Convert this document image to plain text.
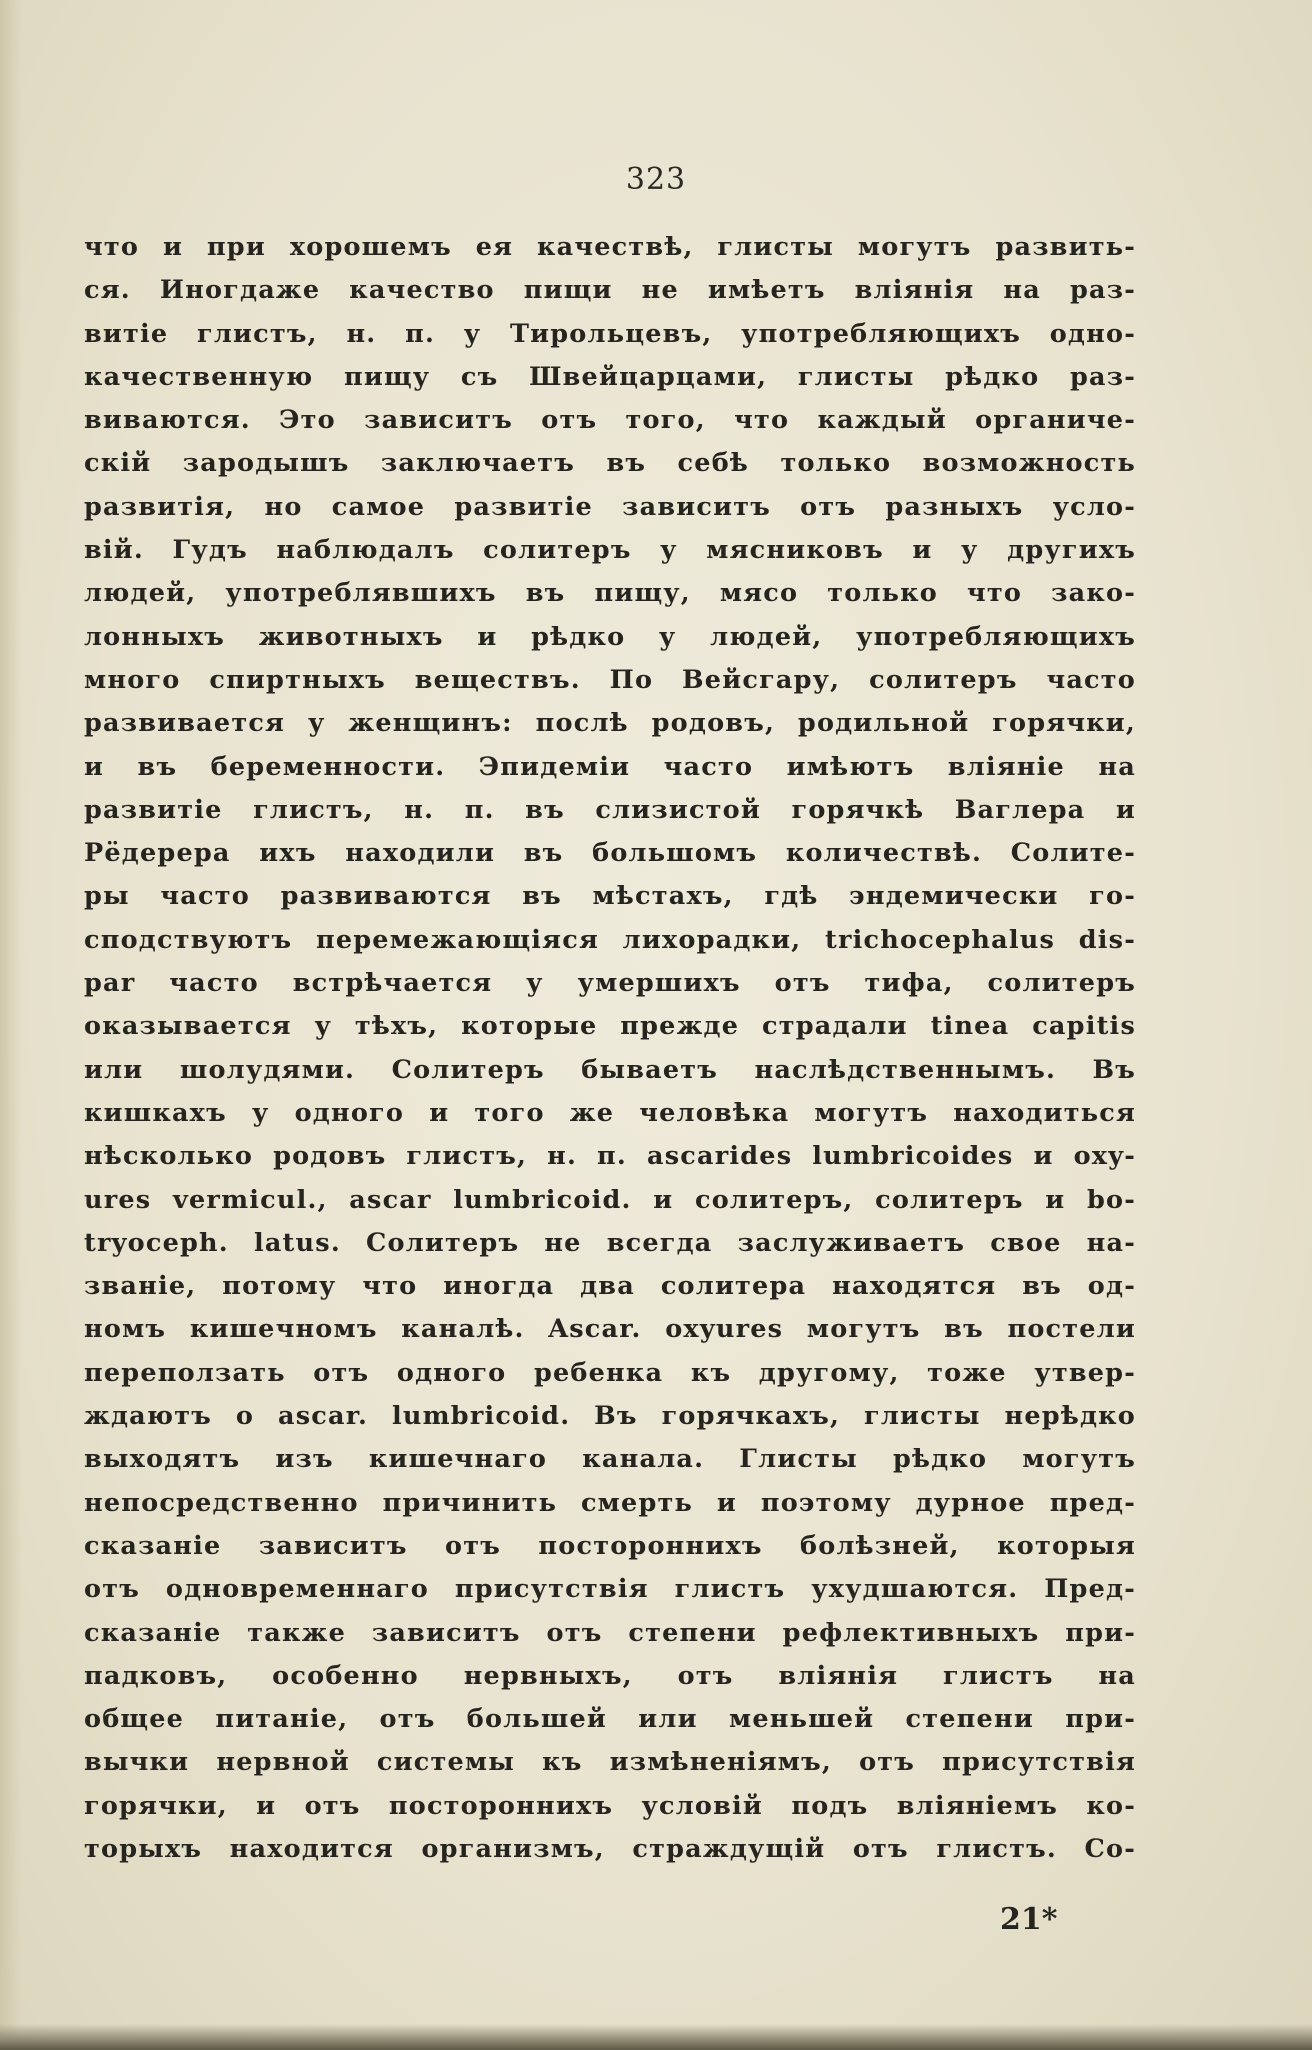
323
что и при хорошемъ ея качествѣ, глисты могутъ развить-
ся. Иногдаже качество пищи не имѣетъ вліянія на раз-
витіе глистъ, н. п. у Тирольцевъ, употребляющихъ одно-
качественную пищу съ Швейцарцами, глисты рѣдко раз-
виваются. Это зависитъ отъ того, что каждый органиче-
скій зародышъ заключаетъ въ себѣ только возможность
развитія, но самое развитіе зависитъ отъ разныхъ усло-
вій. Гудъ наблюдалъ солитеръ у мясниковъ и у другихъ
людей, употреблявшихъ въ пищу, мясо только что зако-
лонныхъ животныхъ и рѣдко у людей, употребляющихъ
много спиртныхъ веществъ. По Вейсгару, солитеръ часто
развивается у женщинъ: послѣ родовъ, родильной горячки,
и въ беременности. Эпидеміи часто имѣютъ вліяніе на
развитіе глистъ, н. п. въ слизистой горячкѣ Ваглера и
Рёдерера ихъ находили въ большомъ количествѣ. Солите-
ры часто развиваются въ мѣстахъ, гдѣ эндемически го-
сподствуютъ перемежающіяся лихорадки, trichocephalus dis-
par часто встрѣчается у умершихъ отъ тифа, солитеръ
оказывается у тѣхъ, которые прежде страдали tinea capitis
или шолудями. Солитеръ бываетъ наслѣдственнымъ. Въ
кишкахъ у одного и того же человѣка могутъ находиться
нѣсколько родовъ глистъ, н. п. ascarides lumbricoides и oxy-
ures vermicul., ascar lumbricoid. и солитеръ, солитеръ и bo-
tryoceph. latus. Солитеръ не всегда заслуживаетъ свое на-
званіе, потому что иногда два солитера находятся въ од-
номъ кишечномъ каналѣ. Ascar. oxyures могутъ въ постели
переползать отъ одного ребенка къ другому, тоже утвер-
ждаютъ о ascar. lumbricoid. Въ горячкахъ, глисты нерѣдко
выходятъ изъ кишечнаго канала. Глисты рѣдко могутъ
непосредственно причинить смерть и поэтому дурное пред-
сказаніе зависитъ отъ постороннихъ болѣзней, которыя
отъ одновременнаго присутствія глистъ ухудшаются. Пред-
сказаніе также зависитъ отъ степени рефлективныхъ при-
падковъ, особенно нервныхъ, отъ вліянія глистъ на
общее питаніе, отъ большей или меньшей степени при-
вычки нервной системы къ измѣненіямъ, отъ присутствія
горячки, и отъ постороннихъ условій подъ вліяніемъ ко-
торыхъ находится организмъ, страждущій отъ глистъ. Со-
21*
